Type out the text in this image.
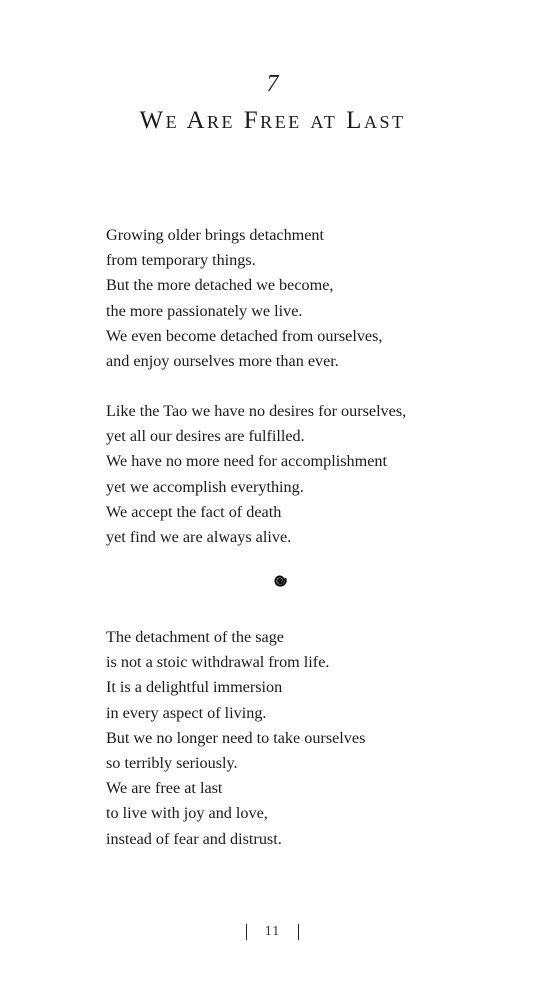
7
We Are Free at Last
Growing older brings detachment
from temporary things.
But the more detached we become,
the more passionately we live.
We even become detached from ourselves,
and enjoy ourselves more than ever.
Like the Tao we have no desires for ourselves,
yet all our desires are fulfilled.
We have no more need for accomplishment
yet we accomplish everything.
We accept the fact of death
yet find we are always alive.
The detachment of the sage
is not a stoic withdrawal from life.
It is a delightful immersion
in every aspect of living.
But we no longer need to take ourselves
so terribly seriously.
We are free at last
to live with joy and love,
instead of fear and distrust.
11
